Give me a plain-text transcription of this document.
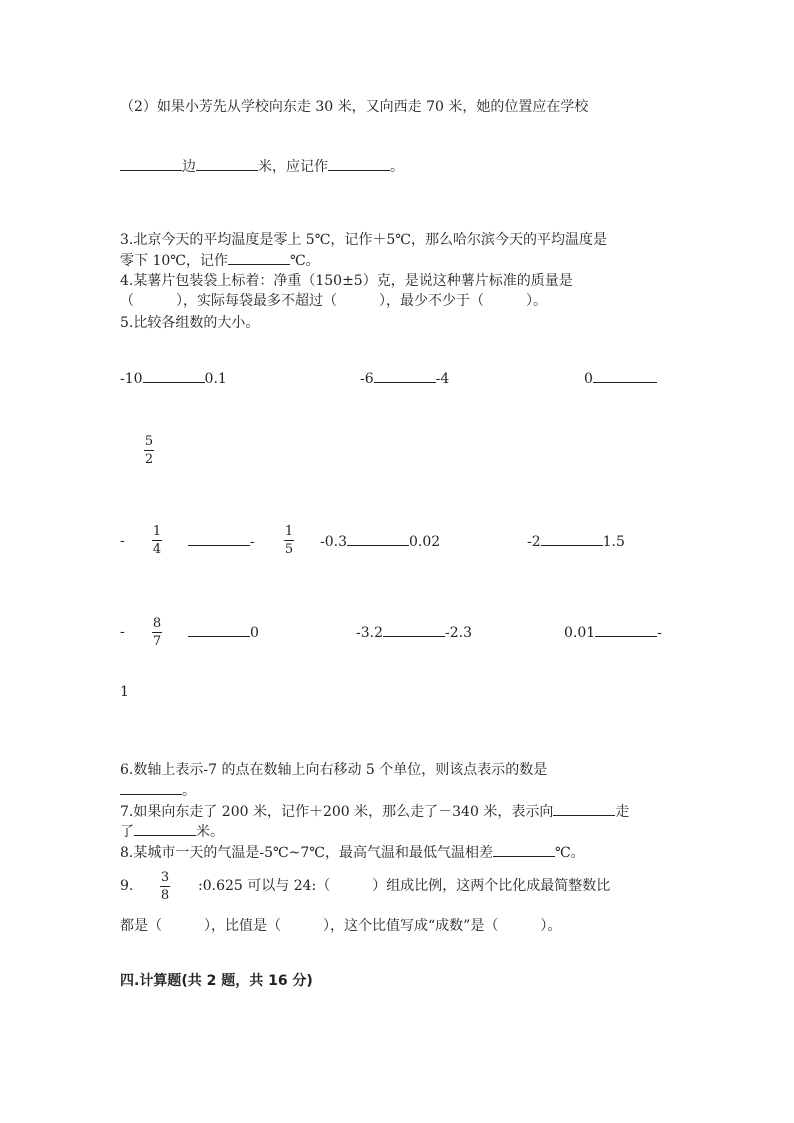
（2）如果小芳先从学校向东走 30 米，又向西走 70 米，她的位置应在学校
边	米，应记作	。
3.北京今天的平均温度是零上 5℃，记作＋5℃，那么哈尔滨今天的平均温度是
零下 10℃，记作	℃。
4.某薯片包装袋上标着：净重（150±5）克，是说这种薯片标准的质量是
（　　　），实际每袋最多不超过（　　　），最少不少于（　　　）。
5.比较各组数的大小。
-10	0.1	-6	-4	0
5
2
-
1
4	-
1
5 -0.3	0.02	-2	1.5
-
8
7
0	-3.2	-2.3	0.01	-
1
6.数轴上表示-7 的点在数轴上向右移动 5 个单位，则该点表示的数是
。
7.如果向东走了 200 米，记作＋200 米，那么走了－340 米，表示向	走
了	米。
8.某城市一天的气温是-5℃~7℃，最高气温和最低气温相差	℃。
9.
3
8
:0.625 可以与 24:（　　　）组成比例，这两个比化成最简整数比
都是（　　　），比值是（　　　），这个比值写成“成数”是（　　　）。
四.计算题(共 2 题，共 16 分)
